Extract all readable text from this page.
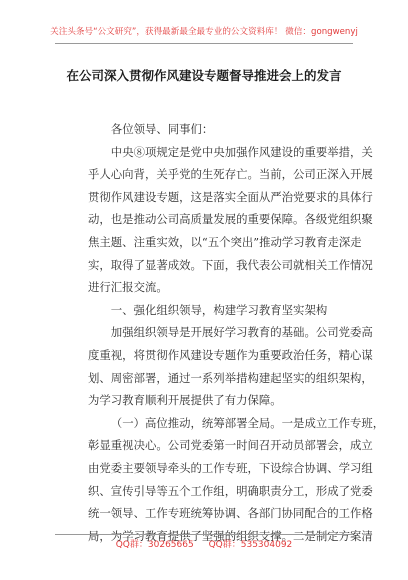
关注头条号“公文研究”，获得最新最全最专业的公文资料库！ 微信：gongwenyj
在公司深入贯彻作风建设专题督导推进会上的发言

各位领导、同事们：

中央⑧项规定是党中央加强作风建设的重要举措，关
乎人心向背，关乎党的生死存亡。当前，公司正深入开展
贯彻作风建设专题，这是落实全面从严治党要求的具体行
动，也是推动公司高质量发展的重要保障。各级党组织聚
焦主题、注重实效，以“五个突出”推动学习教育走深走
实，取得了显著成效。下面，我代表公司就相关工作情况
进行汇报交流。

一、强化组织领导，构建学习教育坚实架构

加强组织领导是开展好学习教育的基础。公司党委高
度重视，将贯彻作风建设专题作为重要政治任务，精心谋
划、周密部署，通过一系列举措构建起坚实的组织架构，
为学习教育顺利开展提供了有力保障。

（一）高位推动，统筹部署全局。一是成立工作专班，
彰显重视决心。公司党委第一时间召开动员部署会，成立
由党委主要领导牵头的工作专班，下设综合协调、学习组
织、宣传引导等五个工作组，明确职责分工，形成了党委
统一领导、工作专班统筹协调、各部门协同配合的工作格
局，为学习教育提供了坚强的组织支撑。二是制定方案清

QQ群：30265665 QQ群：535304092
